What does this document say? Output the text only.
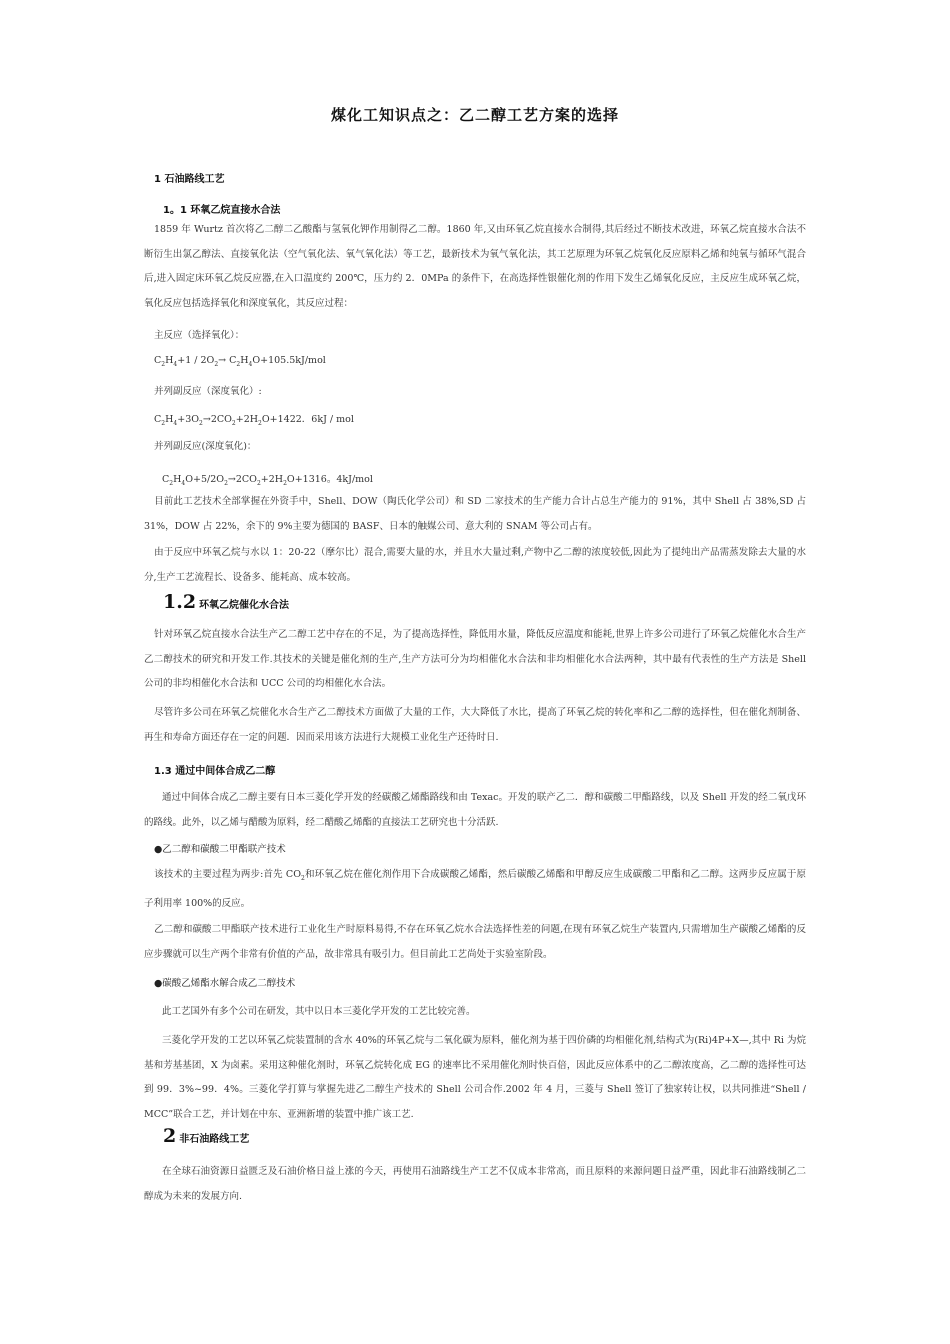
煤化工知识点之：乙二醇工艺方案的选择
1 石油路线工艺
1。1 环氧乙烷直接水合法
1859 年 Wurtz 首次将乙二醇二乙酸酯与氢氧化钾作用制得乙二醇。1860 年,又由环氧乙烷直接水合制得,其后经过不断技术改进，环氧乙烷直接水合法不断衍生出氯乙醇法、直接氧化法（空气氧化法、氧气氧化法）等工艺，最新技术为氧气氧化法，其工艺原理为环氧乙烷氧化反应原料乙烯和纯氧与循环气混合后,进入固定床环氧乙烷反应器,在入口温度约 200℃，压力约 2．0MPa 的条件下，在高选择性银催化剂的作用下发生乙烯氧化反应，主反应生成环氧乙烷，氧化反应包括选择氧化和深度氧化，其反应过程：
主反应（选择氧化）：
$C_2H_4+1 / 2O_2\to C_2H_4O+105.5kJ/mol$
并列副反应（深度氧化）:
$C_2H_4+3O_2\to 2CO_2+2H_2O+1422$．6kJ / mol
并列副反应(深度氧化)：
$C_2H_4O+5/2O_2\to 2CO_2+2H_2O+1316$。4kJ/mol
目前此工艺技术全部掌握在外资手中，Shell、DOW（陶氏化学公司）和 SD 二家技术的生产能力合计占总生产能力的 91%，其中 Shell 占 38%,SD 占 31%，DOW 占 22%，余下的 9%主要为德国的 BASF、日本的触媒公司、意大利的 SNAM 等公司占有。
由于反应中环氧乙烷与水以 1：20-22（摩尔比）混合,需要大量的水，并且水大量过剩,产物中乙二醇的浓度较低,因此为了提纯出产品需蒸发除去大量的水分,生产工艺流程长、设备多、能耗高、成本较高。
1.2 环氧乙烷催化水合法
针对环氧乙烷直接水合法生产乙二醇工艺中存在的不足，为了提高选择性，降低用水量，降低反应温度和能耗,世界上许多公司进行了环氧乙烷催化水合生产乙二醇技术的研究和开发工作.其技术的关键是催化剂的生产,生产方法可分为均相催化水合法和非均相催化水合法两种，其中最有代表性的生产方法是 Shell 公司的非均相催化水合法和 UCC 公司的均相催化水合法。
尽管许多公司在环氧乙烷催化水合生产乙二醇技术方面做了大量的工作，大大降低了水比，提高了环氧乙烷的转化率和乙二醇的选择性，但在催化剂制备、再生和寿命方面还存在一定的问题．因而采用该方法进行大规模工业化生产还待时日.
1.3 通过中间体合成乙二醇
通过中间体合成乙二醇主要有日本三菱化学开发的经碳酸乙烯酯路线和由 Texac。开发的联产乙二．醇和碳酸二甲酯路线，以及 Shell 开发的经二氧戊环的路线。此外，以乙烯与醋酸为原料，经二醋酸乙烯酯的直接法工艺研究也十分活跃.
●乙二醇和碳酸二甲酯联产技术
该技术的主要过程为两步:首先 $CO_2$和环氧乙烷在催化剂作用下合成碳酸乙烯酯，然后碳酸乙烯酯和甲醇反应生成碳酸二甲酯和乙二醇。这两步反应属于原子利用率 100%的反应。
乙二醇和碳酸二甲酯联产技术进行工业化生产时原料易得,不存在环氧乙烷水合法选择性差的问题,在现有环氧乙烷生产装置内,只需增加生产碳酸乙烯酯的反应步骤就可以生产两个非常有价值的产品，故非常具有吸引力。但目前此工艺尚处于实验室阶段。
●碳酸乙烯酯水解合成乙二醇技术
此工艺国外有多个公司在研发，其中以日本三菱化学开发的工艺比较完善。
三菱化学开发的工艺以环氧乙烷装置制的含水 40%的环氧乙烷与二氧化碳为原料，催化剂为基于四价磷的均相催化剂,结构式为(Ri)4P+X—,其中 Ri 为烷基和芳基基团，X 为卤素。采用这种催化剂时，环氧乙烷转化成 EG 的速率比不采用催化剂时快百倍，因此反应体系中的乙二醇浓度高，乙二醇的选择性可达到 99．3%~99．4%。三菱化学打算与掌握先进乙二醇生产技术的 Shell 公司合作.2002 年 4 月，三菱与 Shell 签订了独家转让权，以共同推进“Shell / MCC”联合工艺，并计划在中东、亚洲新增的装置中推广该工艺.
2 非石油路线工艺
在全球石油资源日益匮乏及石油价格日益上涨的今天，再使用石油路线生产工艺不仅成本非常高，而且原料的来源问题日益严重，因此非石油路线制乙二醇成为未来的发展方向.
